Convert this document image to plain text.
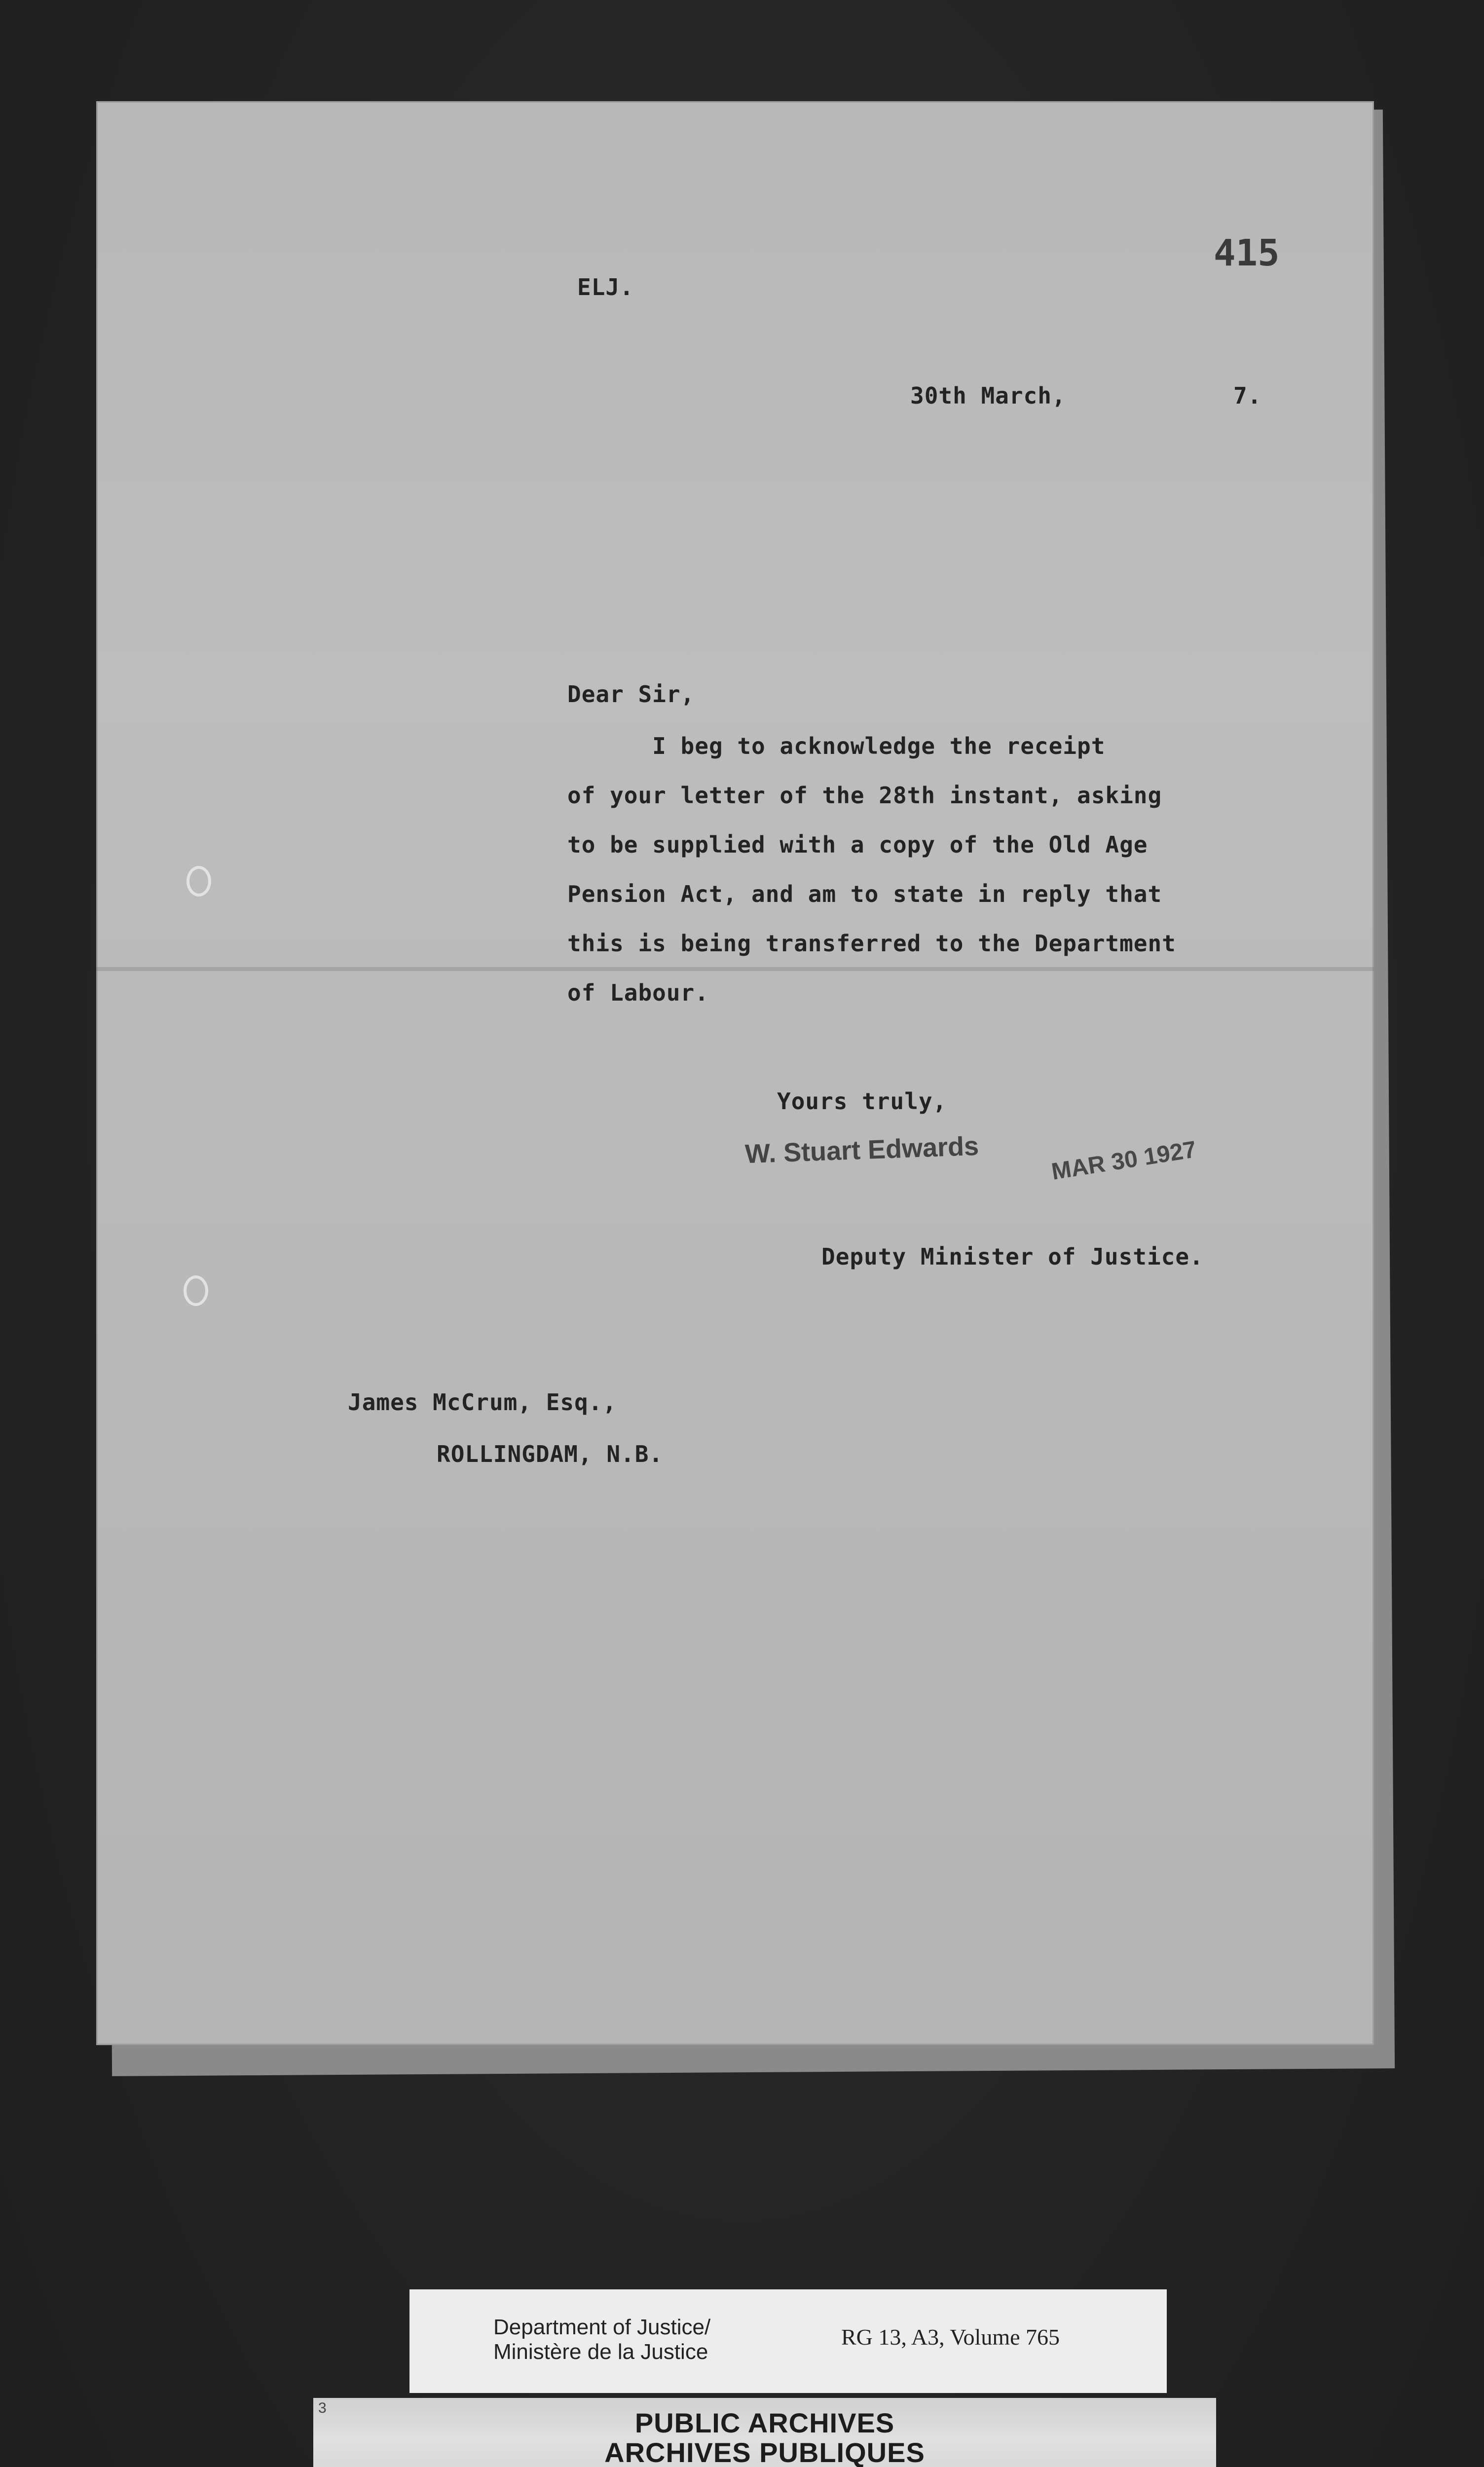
415
ELJ.
30th March,	7.
Dear Sir,
I beg to acknowledge the receipt
of your letter of the 28th instant, asking
to be supplied with a copy of the Old Age
Pension Act, and am to state in reply that
this is being transferred to the Department
of Labour.
Yours truly,
W. Stuart Edwards	MAR 30 1927
Deputy Minister of Justice.
James McCrum, Esq.,
ROLLINGDAM, N.B.
Department of Justice/
Ministère de la Justice
RG 13, A3, Volume 765
3	PUBLIC ARCHIVES
ARCHIVES PUBLIQUES
